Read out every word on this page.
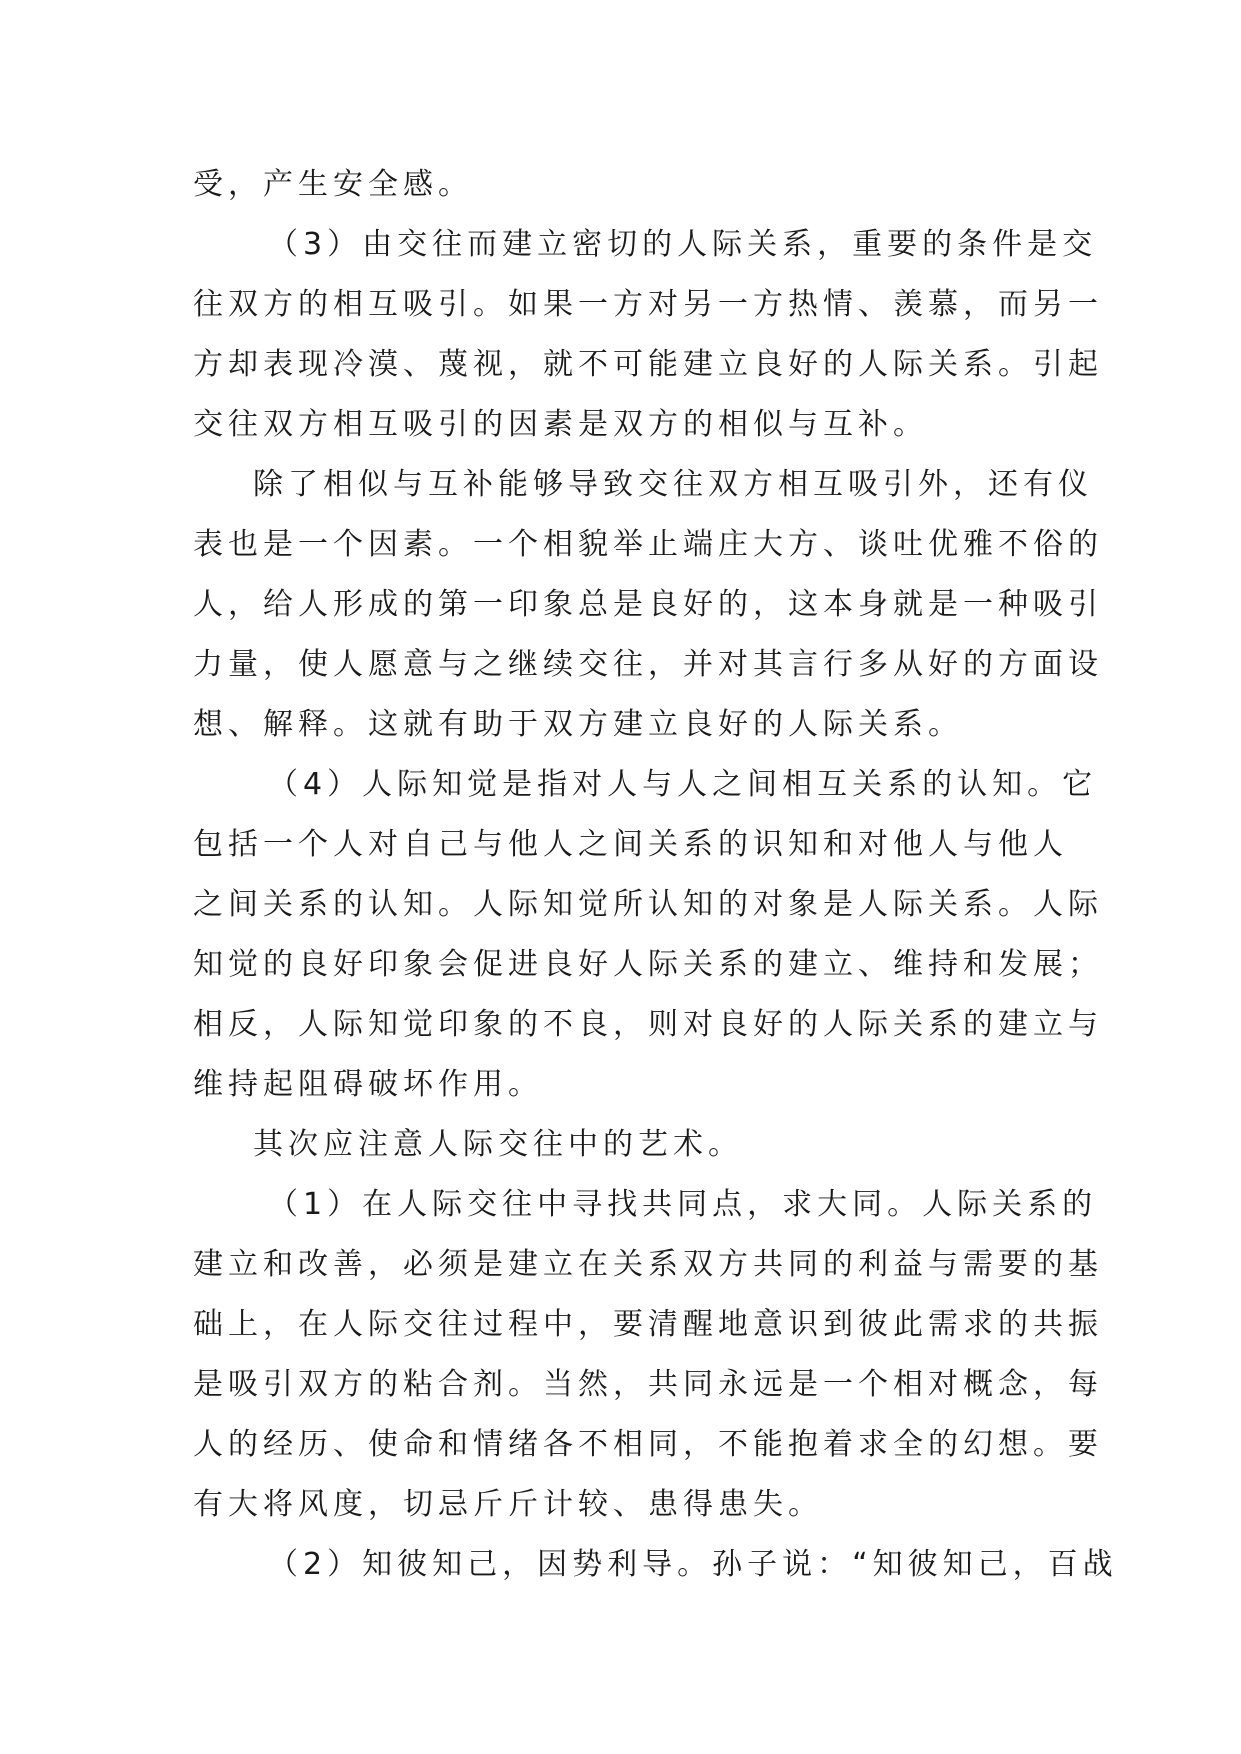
受，产生安全感。

（3）由交往而建立密切的人际关系，重要的条件是交
往双方的相互吸引。如果一方对另一方热情、羡慕，而另一
方却表现冷漠、蔑视，就不可能建立良好的人际关系。引起
交往双方相互吸引的因素是双方的相似与互补。

除了相似与互补能够导致交往双方相互吸引外，还有仪
表也是一个因素。一个相貌举止端庄大方、谈吐优雅不俗的
人，给人形成的第一印象总是良好的，这本身就是一种吸引
力量，使人愿意与之继续交往，并对其言行多从好的方面设
想、解释。这就有助于双方建立良好的人际关系。

（4）人际知觉是指对人与人之间相互关系的认知。它
包括一个人对自己与他人之间关系的识知和对他人与他人
之间关系的认知。人际知觉所认知的对象是人际关系。人际
知觉的良好印象会促进良好人际关系的建立、维持和发展；
相反，人际知觉印象的不良，则对良好的人际关系的建立与
维持起阻碍破坏作用。

其次应注意人际交往中的艺术。

（1）在人际交往中寻找共同点，求大同。人际关系的
建立和改善，必须是建立在关系双方共同的利益与需要的基
础上，在人际交往过程中，要清醒地意识到彼此需求的共振
是吸引双方的粘合剂。当然，共同永远是一个相对概念，每
人的经历、使命和情绪各不相同，不能抱着求全的幻想。要
有大将风度，切忌斤斤计较、患得患失。

（2）知彼知己，因势利导。孙子说：“知彼知己，百战
